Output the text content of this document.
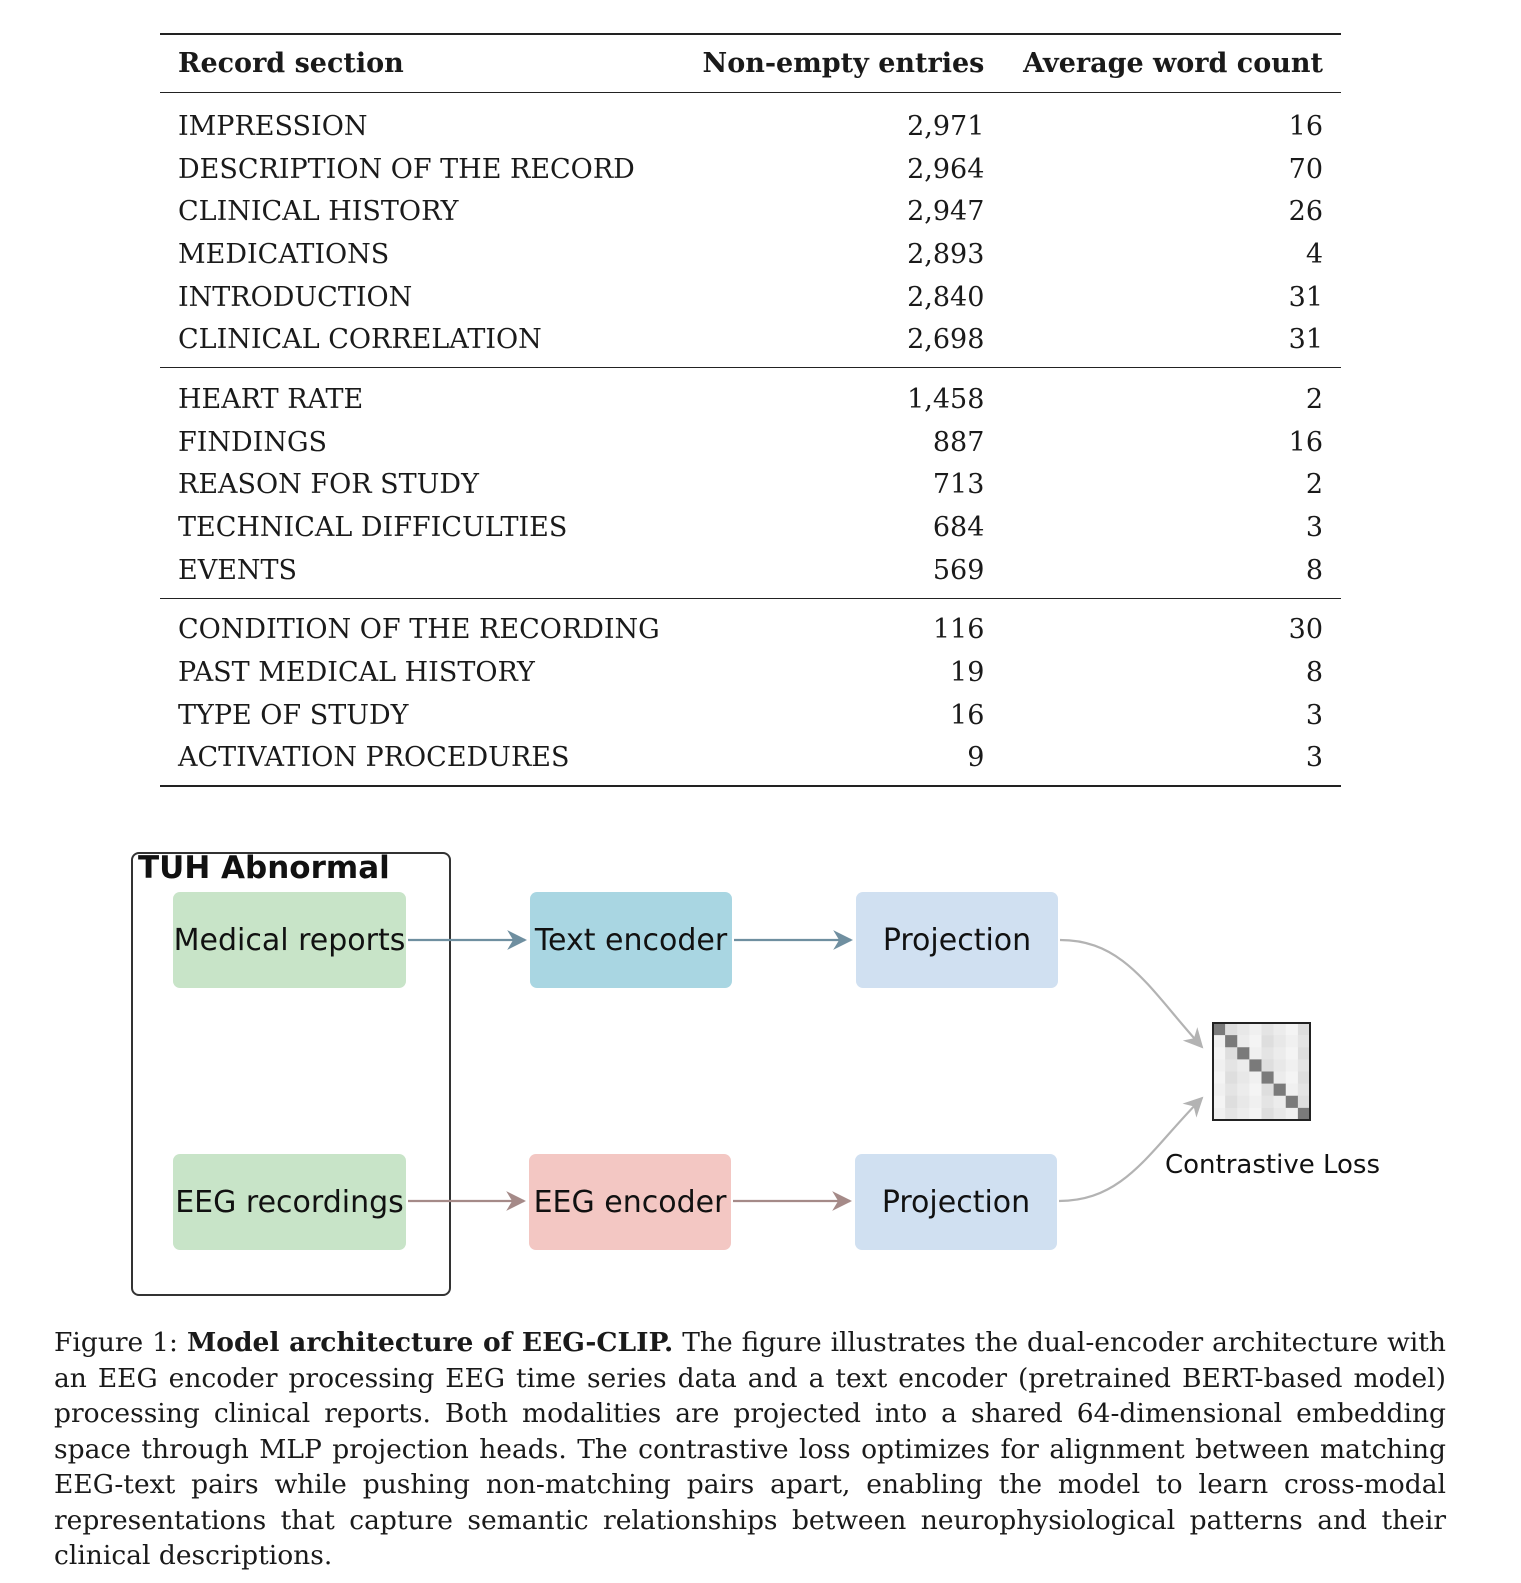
Record section	Non-empty entries	Average word count
IMPRESSION	2,971	16
DESCRIPTION OF THE RECORD	2,964	70
CLINICAL HISTORY	2,947	26
MEDICATIONS	2,893	4
INTRODUCTION	2,840	31
CLINICAL CORRELATION	2,698	31
HEART RATE	1,458	2
FINDINGS	887	16
REASON FOR STUDY	713	2
TECHNICAL DIFFICULTIES	684	3
EVENTS	569	8
CONDITION OF THE RECORDING	116	30
PAST MEDICAL HISTORY	19	8
TYPE OF STUDY	16	3
ACTIVATION PROCEDURES	9	3
TUH Abnormal
Medical reports
EEG recordings
Text encoder
EEG encoder
Projection
Projection
Contrastive Loss
Figure 1: Model architecture of EEG-CLIP. The figure illustrates the dual-encoder architecture with an EEG encoder processing EEG time series data and a text encoder (pretrained BERT-based model) processing clinical reports. Both modalities are projected into a shared 64-dimensional embedding space through MLP projection heads. The contrastive loss optimizes for alignment between matching EEG-text pairs while pushing non-matching pairs apart, enabling the model to learn cross-modal representations that capture semantic relationships between neurophysiological patterns and their clinical descriptions.
